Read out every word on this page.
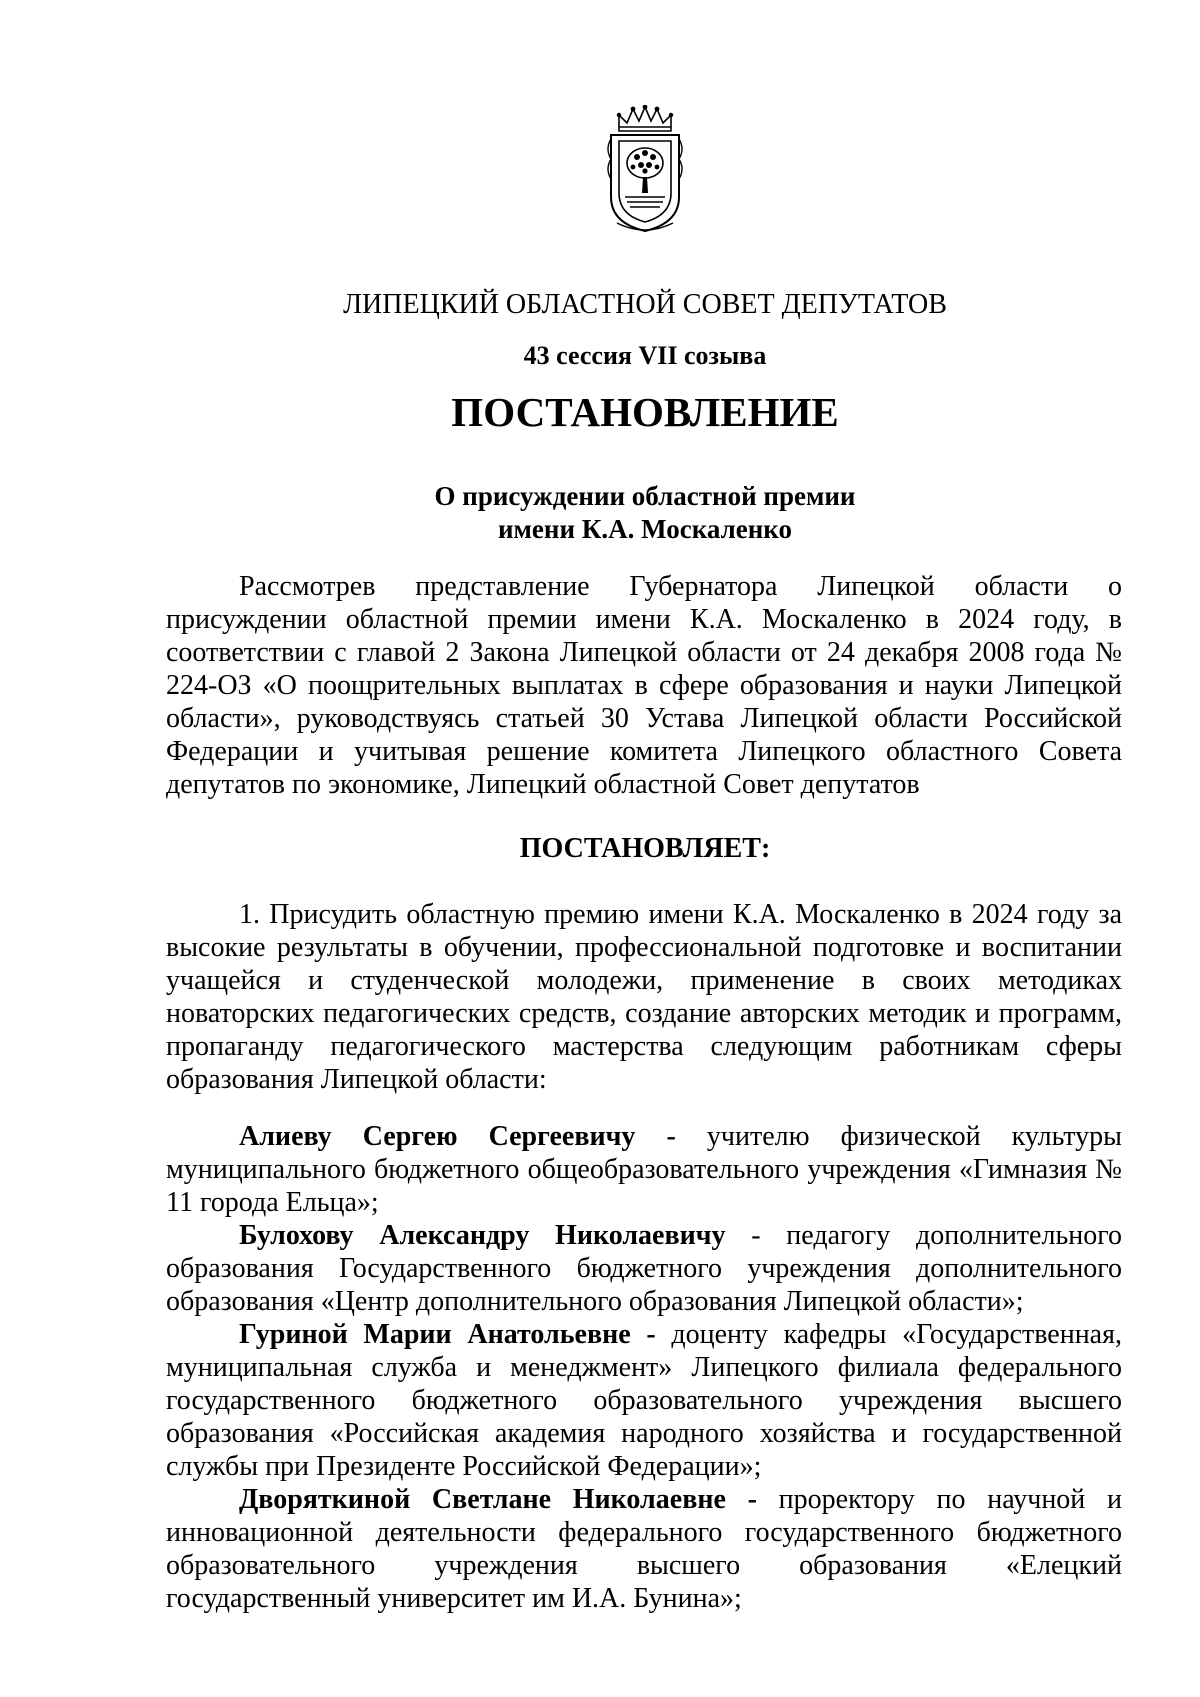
ЛИПЕЦКИЙ ОБЛАСТНОЙ СОВЕТ ДЕПУТАТОВ
43 сессия VII созыва
ПОСТАНОВЛЕНИЕ
О присуждении областной премии
имени К.А. Москаленко

Рассмотрев представление Губернатора Липецкой области о присуждении областной премии имени К.А. Москаленко в 2024 году, в соответствии с главой 2 Закона Липецкой области от 24 декабря 2008 года № 224-ОЗ «О поощрительных выплатах в сфере образования и науки Липецкой области», руководствуясь статьей 30 Устава Липецкой области Российской Федерации и учитывая решение комитета Липецкого областного Совета депутатов по экономике, Липецкий областной Совет депутатов

ПОСТАНОВЛЯЕТ:

1. Присудить областную премию имени К.А. Москаленко в 2024 году за высокие результаты в обучении, профессиональной подготовке и воспитании учащейся и студенческой молодежи, применение в своих методиках новаторских педагогических средств, создание авторских методик и программ, пропаганду педагогического мастерства следующим работникам сферы образования Липецкой области:

Алиеву Сергею Сергеевичу - учителю физической культуры муниципального бюджетного общеобразовательного учреждения «Гимназия № 11 города Ельца»;

Булохову Александру Николаевичу - педагогу дополнительного образования Государственного бюджетного учреждения дополнительного образования «Центр дополнительного образования Липецкой области»;

Гуриной Марии Анатольевне - доценту кафедры «Государственная, муниципальная служба и менеджмент» Липецкого филиала федерального государственного бюджетного образовательного учреждения высшего образования «Российская академия народного хозяйства и государственной службы при Президенте Российской Федерации»;

Дворяткиной Светлане Николаевне - проректору по научной и инновационной деятельности федерального государственного бюджетного образовательного учреждения высшего образования «Елецкий государственный университет им И.А. Бунина»;
